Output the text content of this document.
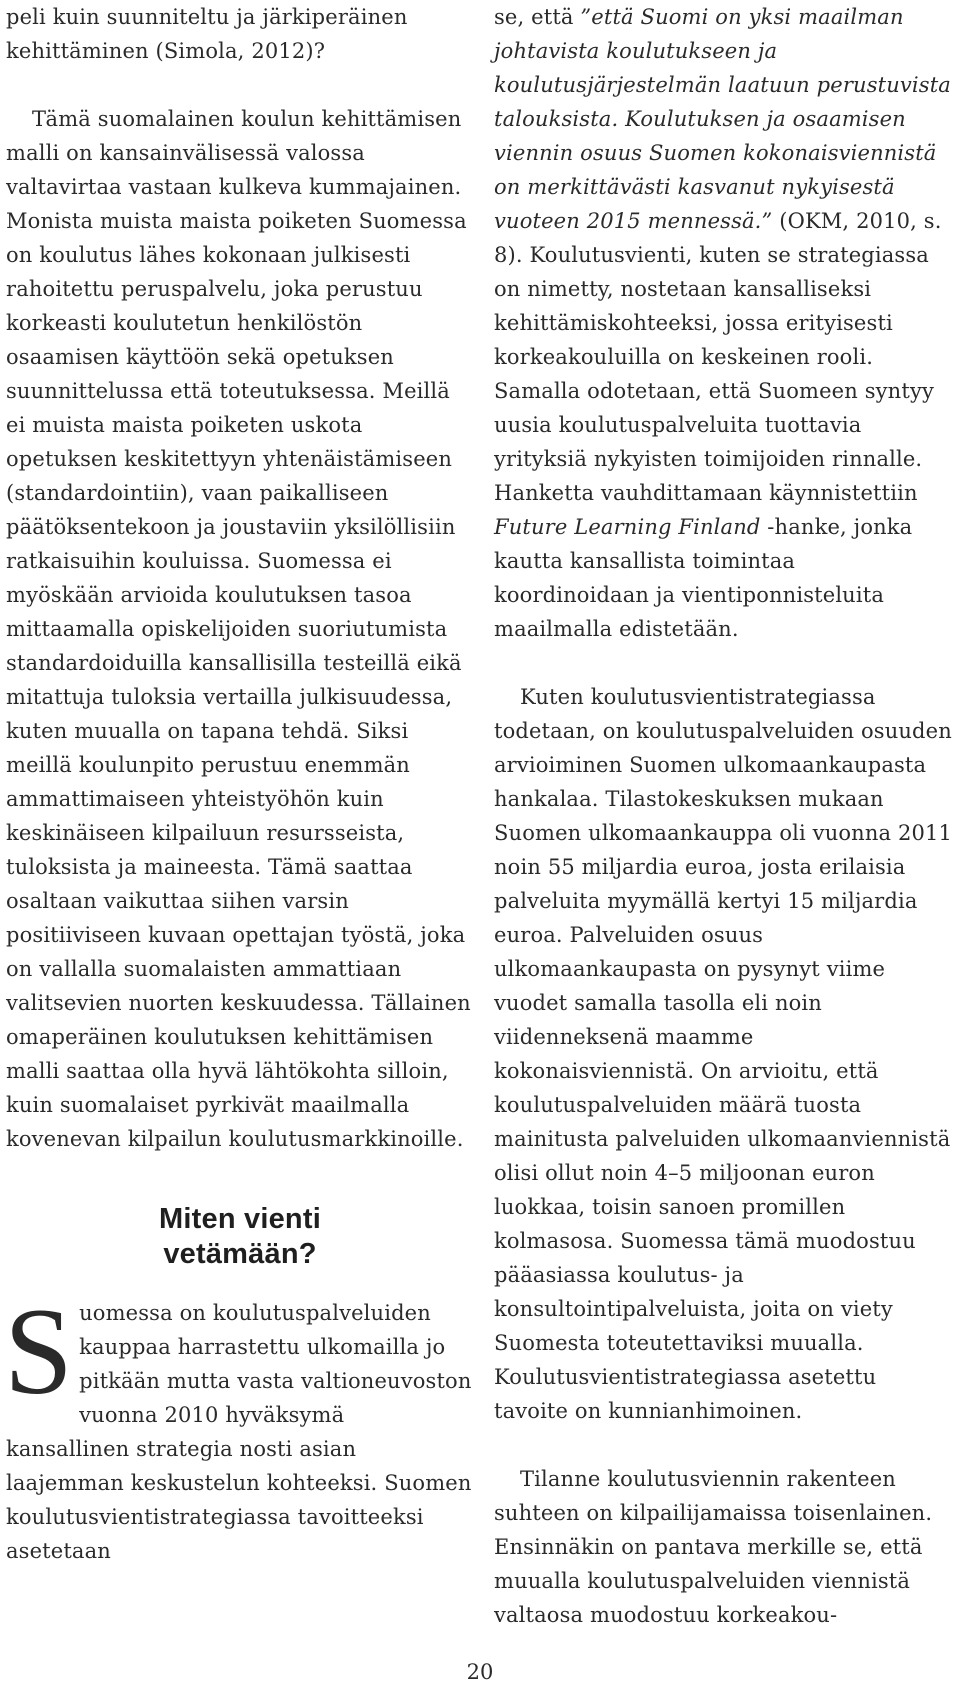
peli kuin suunniteltu ja järkiperäinen kehittäminen (Simola, 2012)?

Tämä suomalainen koulun kehittämisen malli on kansainvälisessä valossa valtavirtaa vastaan kulkeva kummajainen. Monista muista maista poiketen Suomessa on koulutus lähes kokonaan julkisesti rahoitettu peruspalvelu, joka perustuu korkeasti koulutetun henkilöstön osaamisen käyttöön sekä opetuksen suunnittelussa että toteutuksessa. Meillä ei muista maista poiketen uskota opetuksen keskitettyyn yhtenäistämiseen (standardointiin), vaan paikalliseen päätöksentekoon ja joustaviin yksilöllisiin ratkaisuihin kouluissa. Suomessa ei myöskään arvioida koulutuksen tasoa mittaamalla opiskelijoiden suoriutumista standardoiduilla kansallisilla testeillä eikä mitattuja tuloksia vertailla julkisuudessa, kuten muualla on tapana tehdä. Siksi meillä koulunpito perustuu enemmän ammattimaiseen yhteistyöhön kuin keskinäiseen kilpailuun resursseista, tuloksista ja maineesta. Tämä saattaa osaltaan vaikuttaa siihen varsin positiiviseen kuvaan opettajan työstä, joka on vallalla suomalaisten ammattiaan valitsevien nuorten keskuudessa. Tällainen omaperäinen koulutuksen kehittämisen malli saattaa olla hyvä lähtökohta silloin, kuin suomalaiset pyrkivät maailmalla kovenevan kilpailun koulutusmarkkinoille.

Miten vienti

vetämään?

Suomessa on koulutuspalveluiden kauppaa harrastettu ulkomailla jo pitkään mutta vasta valtioneuvoston vuonna 2010 hyväksymä kansallinen strategia nosti asian laajemman keskustelun kohteeksi. Suomen koulutusvientistrategiassa tavoitteeksi asetetaan

se, että ”että Suomi on yksi maailman johtavista koulutukseen ja koulutusjärjestelmän laatuun perustuvista talouksista. Koulutuksen ja osaamisen viennin osuus Suomen kokonaisviennistä on merkittävästi kasvanut nykyisestä vuoteen 2015 mennessä.” (OKM, 2010, s. 8). Koulutusvienti, kuten se strategiassa on nimetty, nostetaan kansalliseksi kehittämiskohteeksi, jossa erityisesti korkeakouluilla on keskeinen rooli. Samalla odotetaan, että Suomeen syntyy uusia koulutuspalveluita tuottavia yrityksiä nykyisten toimijoiden rinnalle. Hanketta vauhdittamaan käynnistettiin Future Learning Finland -hanke, jonka kautta kansallista toimintaa koordinoidaan ja vientiponnisteluita maailmalla edistetään.

Kuten koulutusvientistrategiassa todetaan, on koulutuspalveluiden osuuden arvioiminen Suomen ulkomaankaupasta hankalaa. Tilastokeskuksen mukaan Suomen ulkomaankauppa oli vuonna 2011 noin 55 miljardia euroa, josta erilaisia palveluita myymällä kertyi 15 miljardia euroa. Palveluiden osuus ulkomaankaupasta on pysynyt viime vuodet samalla tasolla eli noin viidenneksenä maamme kokonaisviennistä. On arvioitu, että koulutuspalveluiden määrä tuosta mainitusta palveluiden ulkomaanviennistä olisi ollut noin 4–5 miljoonan euron luokkaa, toisin sanoen promillen kolmasosa. Suomessa tämä muodostuu pääasiassa koulutus- ja konsultointipalveluista, joita on viety Suomesta toteutettaviksi muualla. Koulutusvientistrategiassa asetettu tavoite on kunnianhimoinen.

Tilanne koulutusviennin rakenteen suhteen on kilpailijamaissa toisenlainen. Ensinnäkin on pantava merkille se, että muualla koulutuspalveluiden viennistä valtaosa muodostuu korkeakou-

20
